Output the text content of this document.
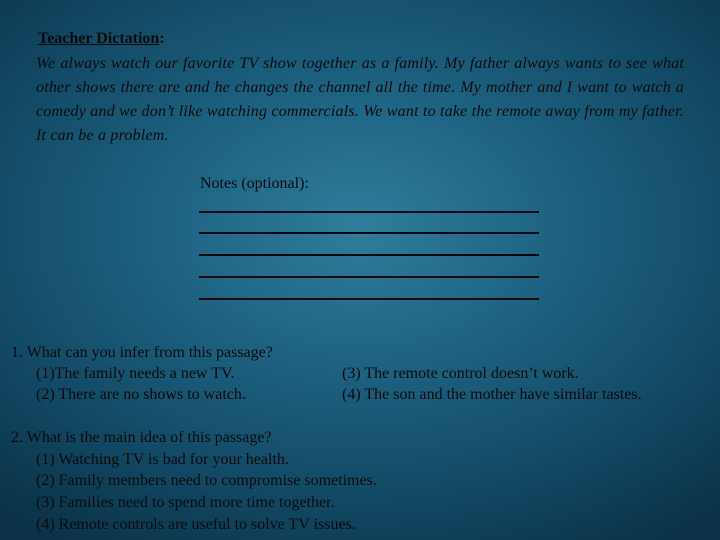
Teacher Dictation:
We always watch our favorite TV show together as a family. My father always wants to see what other shows there are and he changes the channel all the time. My mother and I want to watch a comedy and we don’t like watching commercials. We want to take the remote away from my father. It can be a problem.
Notes (optional):
1. What can you infer from this passage?
(1)The family needs a new TV.
(2) There are no shows to watch.
(3) The remote control doesn’t work.
(4) The son and the mother have similar tastes.
2. What is the main idea of this passage?
(1) Watching TV is bad for your health.
(2) Family members need to compromise sometimes.
(3) Families need to spend more time together.
(4) Remote controls are useful to solve TV issues.
